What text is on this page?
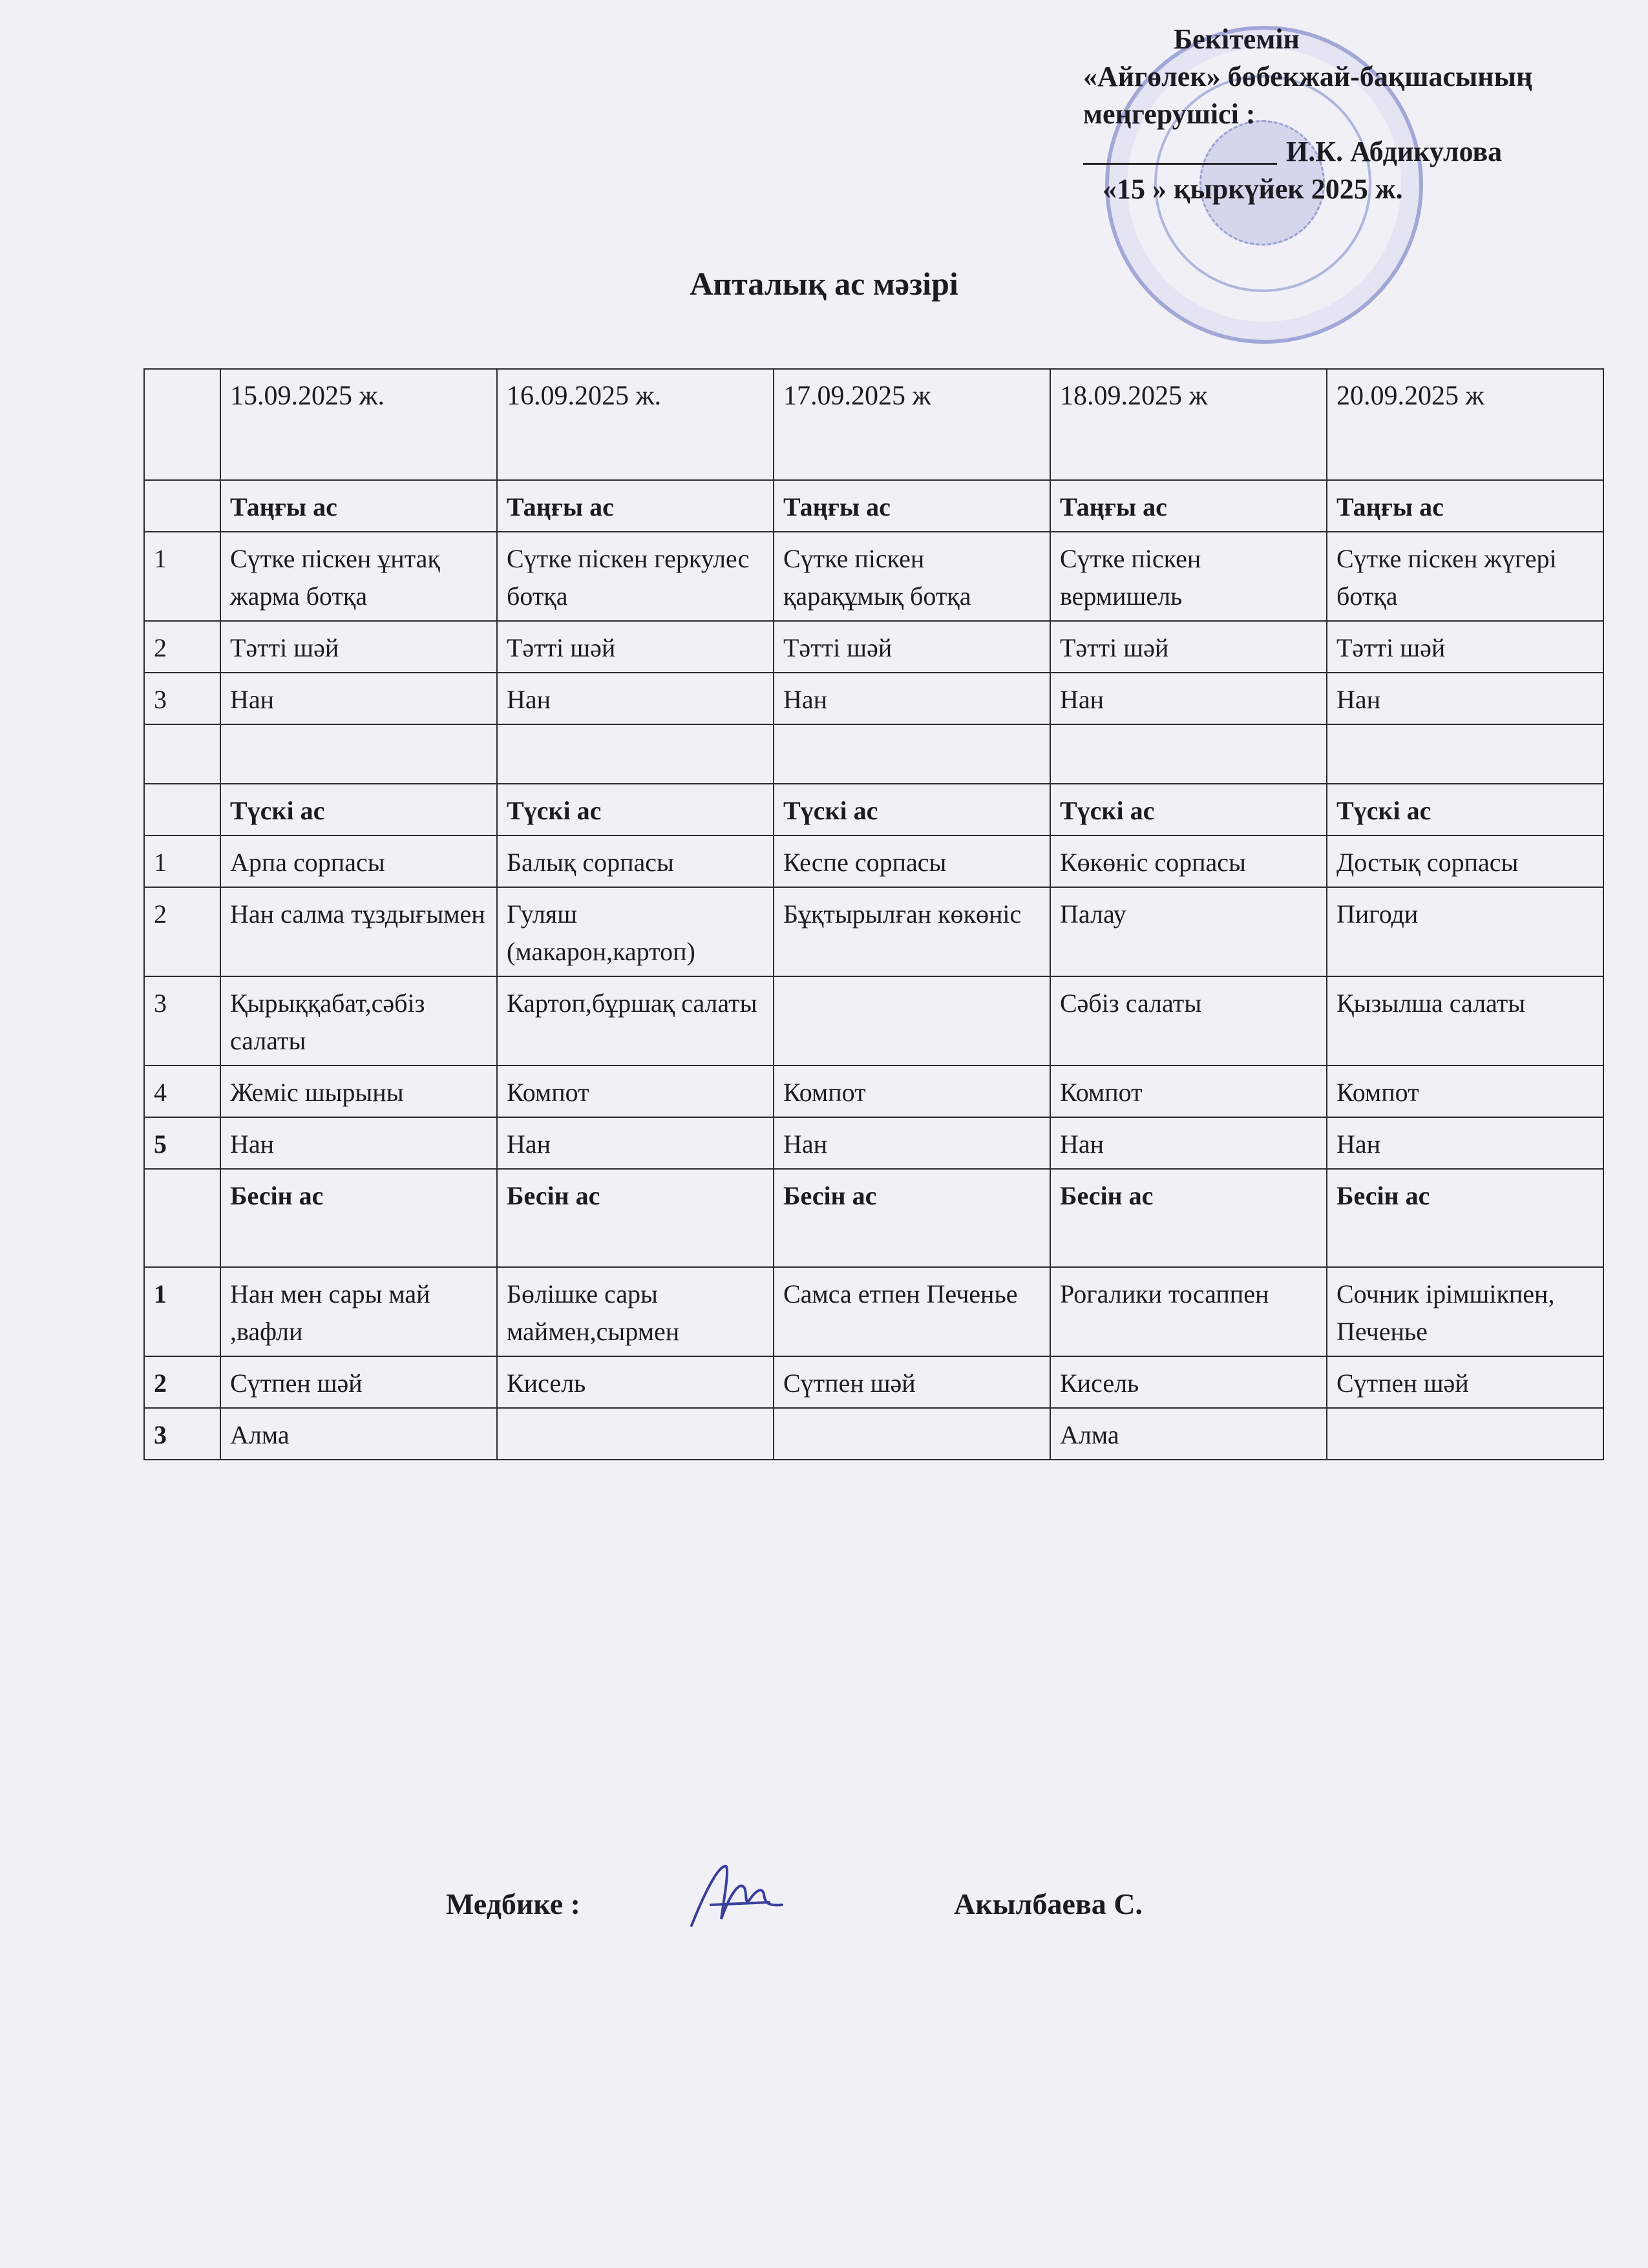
Бекітемін
«Айгөлек» бөбекжай-бақшасының
меңгерушісі :
И.К. Абдикулова
«15 » қыркүйек 2025 ж.
Апталық ас мәзірі
	15.09.2025 ж.	16.09.2025 ж.	17.09.2025 ж	18.09.2025 ж	20.09.2025 ж
	Таңғы ас	Таңғы ас	Таңғы ас	Таңғы ас	Таңғы ас
1	Сүтке піскен ұнтақ жарма ботқа	Сүтке піскен геркулес ботқа	Сүтке піскен қарақұмық ботқа	Сүтке піскен вермишель	Сүтке піскен жүгері ботқа
2	Тәтті шәй	Тәтті шәй	Тәтті шәй	Тәтті шәй	Тәтті шәй
3	Нан	Нан	Нан	Нан	Нан

	Түскі ас	Түскі ас	Түскі ас	Түскі ас	Түскі ас
1	Арпа сорпасы	Балық сорпасы	Кеспе сорпасы	Көкөніс сорпасы	Достық сорпасы
2	Нан салма тұздығымен	Гуляш (макарон,картоп)	Бұқтырылған көкөніс	Палау	Пигоди
3	Қырыққабат,сәбіз салаты	Картоп,бұршақ салаты		Сәбіз салаты	Қызылша салаты
4	Жеміс шырыны	Компот	Компот	Компот	Компот
5	Нан	Нан	Нан	Нан	Нан
	Бесін ас	Бесін ас	Бесін ас	Бесін ас	Бесін ас
1	Нан мен сары май ,вафли	Бөлішке сары маймен,сырмен	Самса етпен Печенье	Рогалики тосаппен	Сочник ірімшікпен, Печенье
2	Сүтпен шәй	Кисель	Сүтпен шәй	Кисель	Сүтпен шәй
3	Алма			Алма	
Медбике :	Акылбаева С.
